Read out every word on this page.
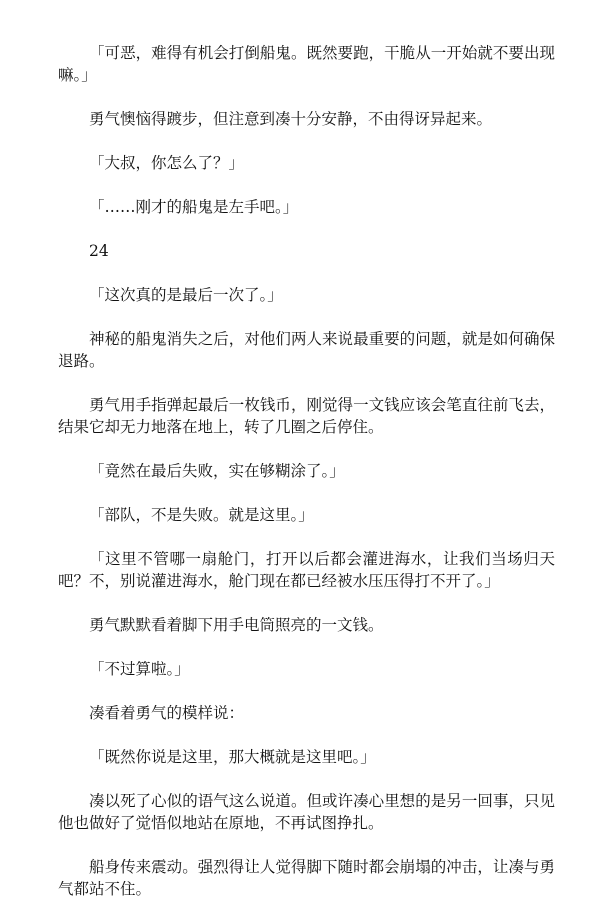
「可恶，难得有机会打倒船鬼。既然要跑，干脆从一开始就不要出现嘛。」

勇气懊恼得踱步，但注意到凑十分安静，不由得讶异起来。

「大叔，你怎么了？」

「……刚才的船鬼是左手吧。」

24

「这次真的是最后一次了。」

神秘的船鬼消失之后，对他们两人来说最重要的问题，就是如何确保退路。

勇气用手指弹起最后一枚钱币，刚觉得一文钱应该会笔直往前飞去，结果它却无力地落在地上，转了几圈之后停住。

「竟然在最后失败，实在够糊涂了。」

「部队，不是失败。就是这里。」

「这里不管哪一扇舱门，打开以后都会灌进海水，让我们当场归天吧？不，别说灌进海水，舱门现在都已经被水压压得打不开了。」

勇气默默看着脚下用手电筒照亮的一文钱。

「不过算啦。」

凑看着勇气的模样说：

「既然你说是这里，那大概就是这里吧。」

凑以死了心似的语气这么说道。但或许凑心里想的是另一回事，只见他也做好了觉悟似地站在原地，不再试图挣扎。

船身传来震动。强烈得让人觉得脚下随时都会崩塌的冲击，让凑与勇气都站不住。
